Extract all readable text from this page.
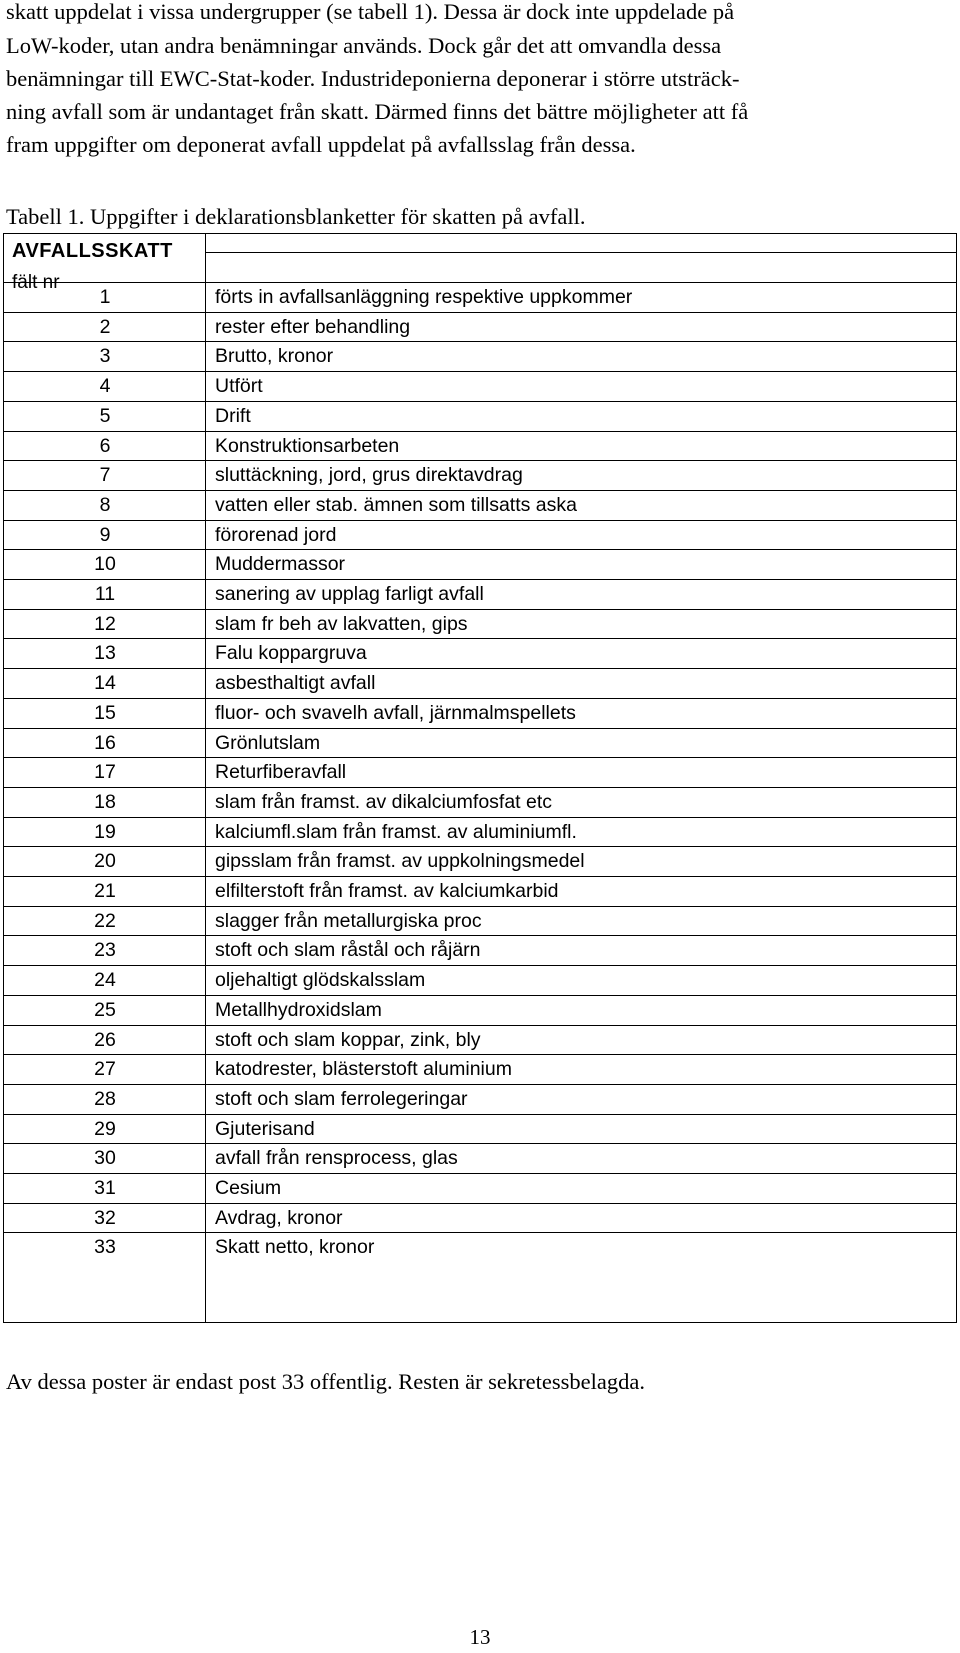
skatt uppdelat i vissa undergrupper (se tabell 1). Dessa är dock inte uppdelade på
LoW-koder, utan andra benämningar används. Dock går det att omvandla dessa
benämningar till EWC-Stat-koder. Industrideponierna deponerar i större utsträck-
ning avfall som är undantaget från skatt. Därmed finns det bättre möjligheter att få
fram uppgifter om deponerat avfall uppdelat på avfallsslag från dessa.
Tabell 1. Uppgifter i deklarationsblanketter för skatten på avfall.
AVFALLSSKATT
fält nr
1	förts in avfallsanläggning respektive uppkommer
2	rester efter behandling
3	Brutto, kronor
4	Utfört
5	Drift
6	Konstruktionsarbeten
7	sluttäckning, jord, grus direktavdrag
8	vatten eller stab. ämnen som tillsatts aska
9	förorenad jord
10	Muddermassor
11	sanering av upplag farligt avfall
12	slam fr beh av lakvatten, gips
13	Falu koppargruva
14	asbesthaltigt avfall
15	fluor- och svavelh avfall, järnmalmspellets
16	Grönlutslam
17	Returfiberavfall
18	slam från framst. av dikalciumfosfat etc
19	kalciumfl.slam från framst. av aluminiumfl.
20	gipsslam från framst. av uppkolningsmedel
21	elfilterstoft från framst. av kalciumkarbid
22	slagger från metallurgiska proc
23	stoft och slam råstål och råjärn
24	oljehaltigt glödskalsslam
25	Metallhydroxidslam
26	stoft och slam koppar, zink, bly
27	katodrester, blästerstoft aluminium
28	stoft och slam ferrolegeringar
29	Gjuterisand
30	avfall från rensprocess, glas
31	Cesium
32	Avdrag, kronor
33	Skatt netto, kronor
Av dessa poster är endast post 33 offentlig. Resten är sekretessbelagda.
13
